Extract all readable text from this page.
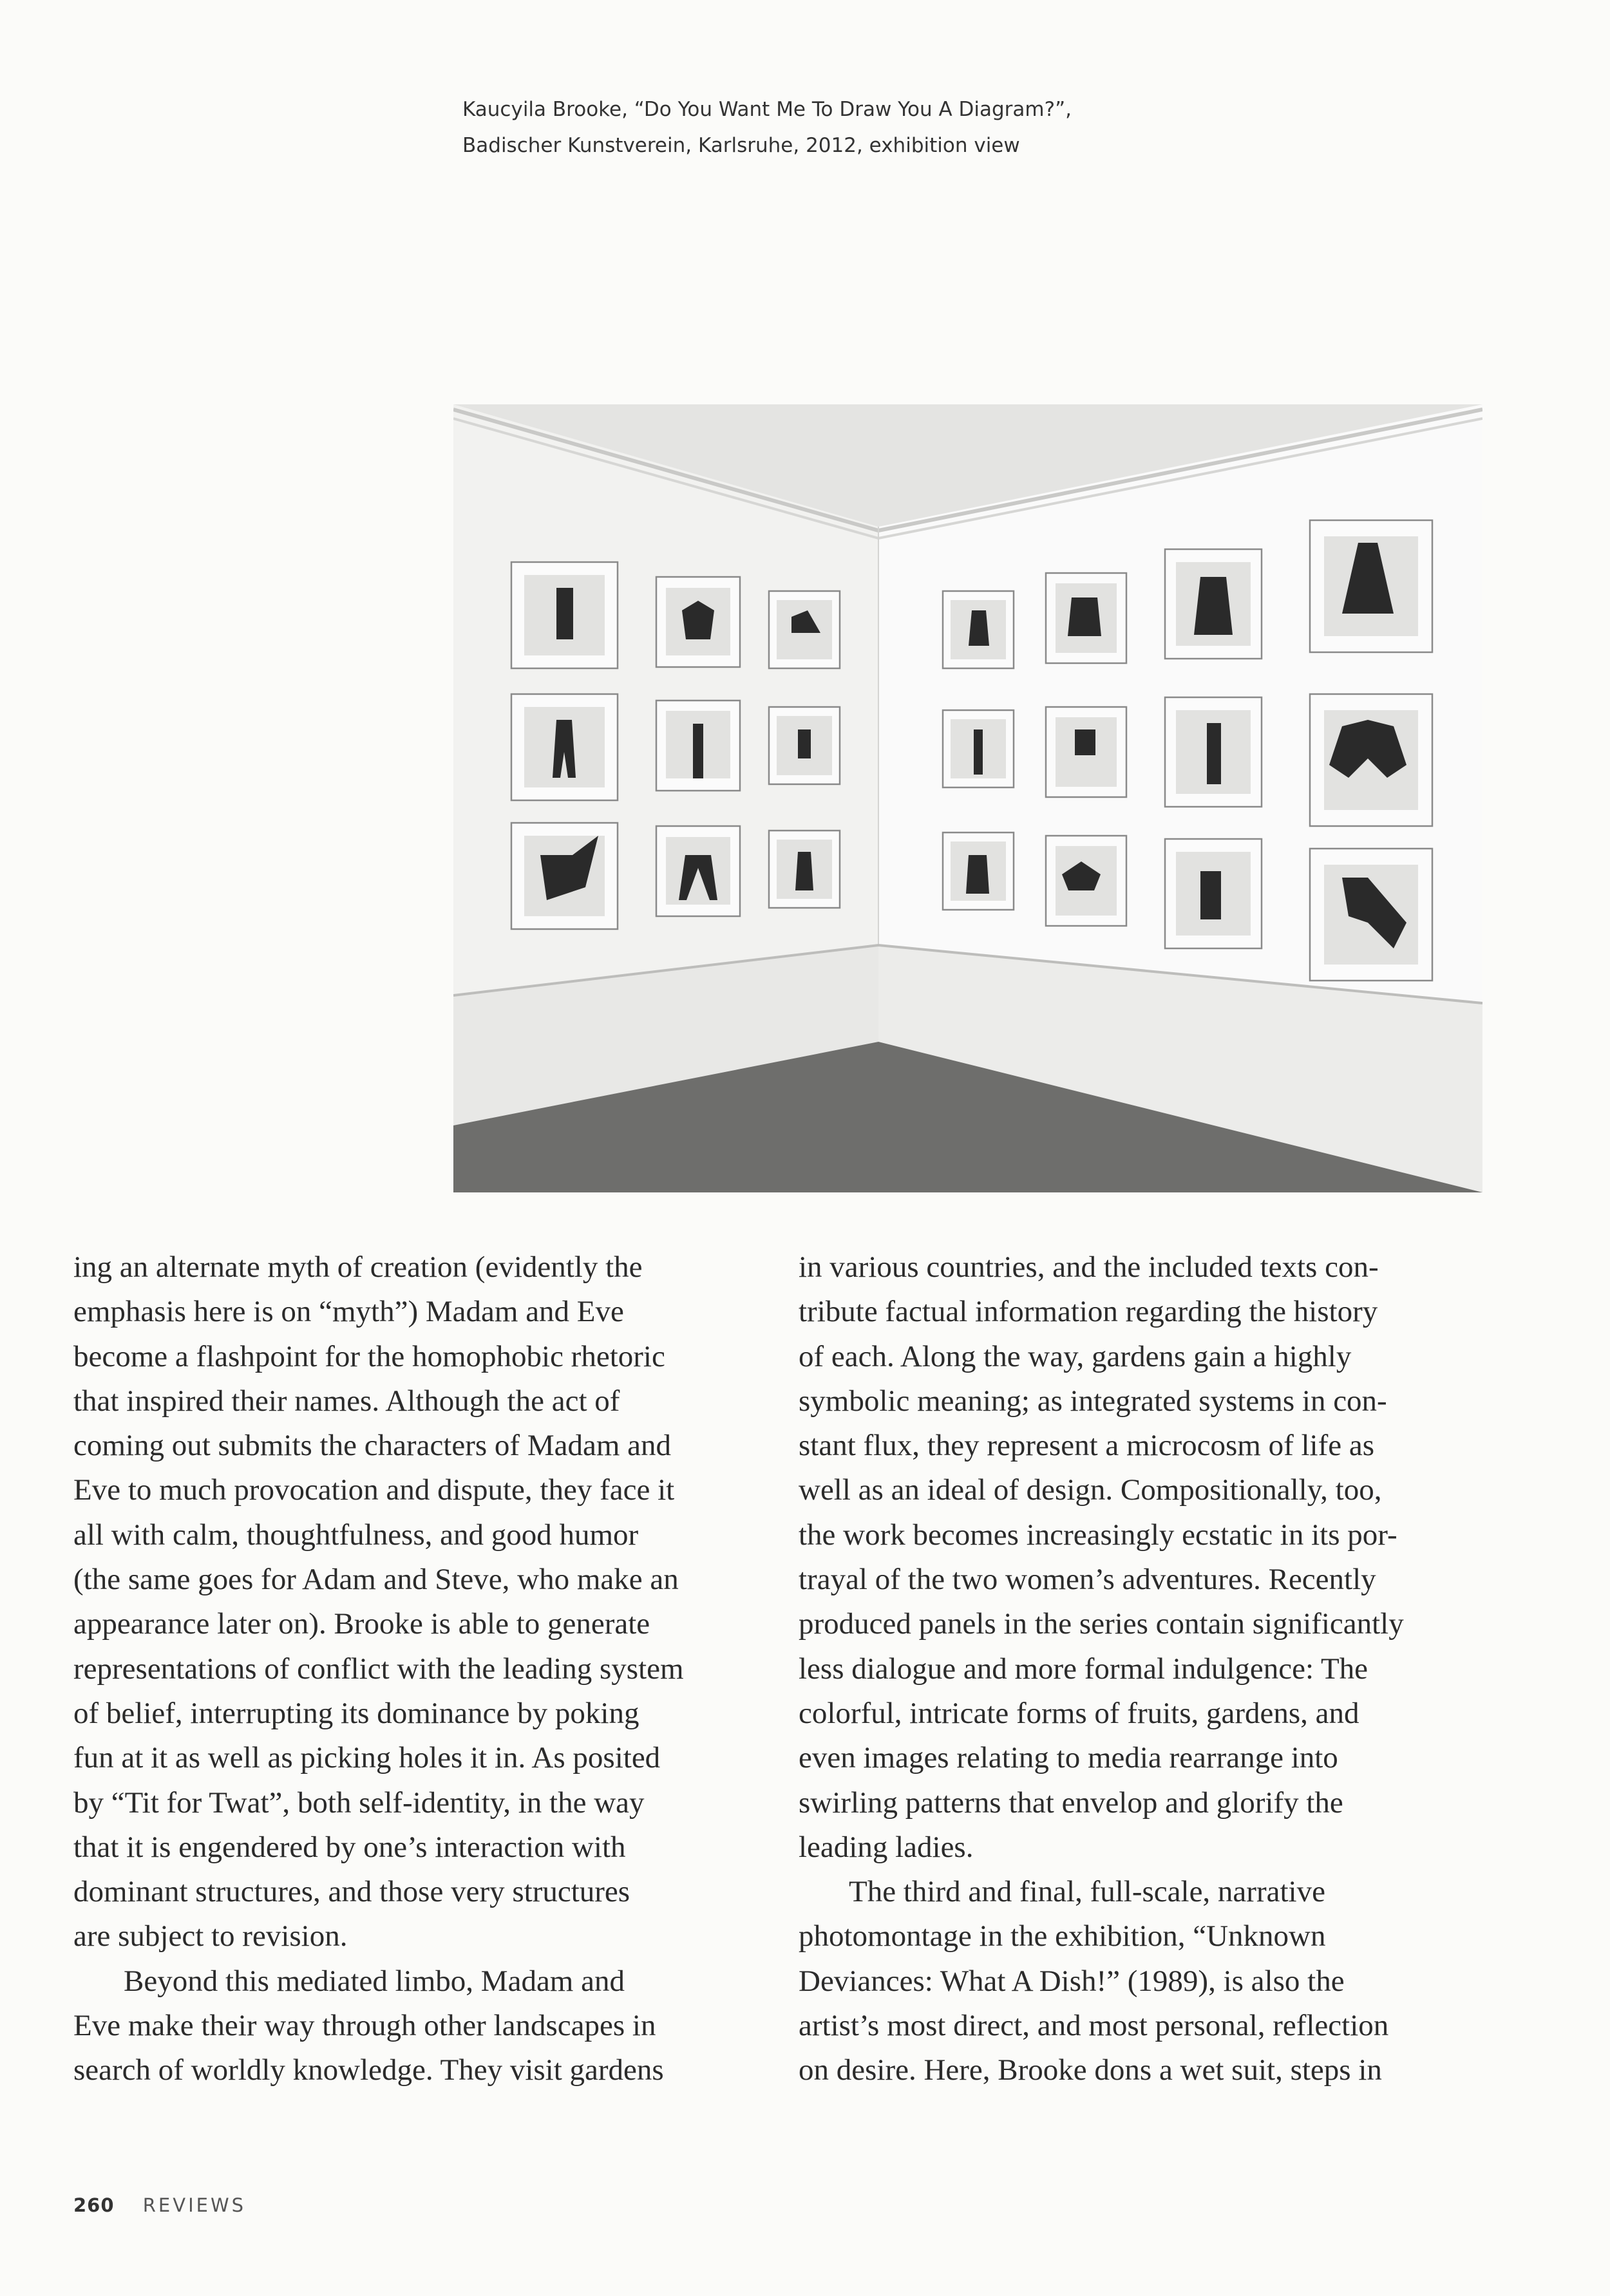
Kaucyila Brooke, “Do You Want Me To Draw You A Diagram?”,
Badischer Kunstverein, Karlsruhe, 2012, exhibition view

ing an alternate myth of creation (evidently the
emphasis here is on “myth”) Madam and Eve
become a flashpoint for the homophobic rhetoric
that inspired their names. Although the act of
coming out submits the characters of Madam and
Eve to much provocation and dispute, they face it
all with calm, thoughtfulness, and good humor
(the same goes for Adam and Steve, who make an
appearance later on). Brooke is able to generate
representations of conflict with the leading system
of belief, interrupting its dominance by poking
fun at it as well as picking holes it in. As posited
by “Tit for Twat”, both self-identity, in the way
that it is engendered by one’s interaction with
dominant structures, and those very structures
are subject to revision.

Beyond this mediated limbo, Madam and
Eve make their way through other landscapes in
search of worldly knowledge. They visit gardens

in various countries, and the included texts con-
tribute factual information regarding the history
of each. Along the way, gardens gain a highly
symbolic meaning; as integrated systems in con-
stant flux, they represent a microcosm of life as
well as an ideal of design. Compositionally, too,
the work becomes increasingly ecstatic in its por-
trayal of the two women’s adventures. Recently
produced panels in the series contain significantly
less dialogue and more formal indulgence: The
colorful, intricate forms of fruits, gardens, and
even images relating to media rearrange into
swirling patterns that envelop and glorify the
leading ladies.

The third and final, full-scale, narrative
photomontage in the exhibition, “Unknown
Deviances: What A Dish!” (1989), is also the
artist’s most direct, and most personal, reflection
on desire. Here, Brooke dons a wet suit, steps in

260 REVIEWS
